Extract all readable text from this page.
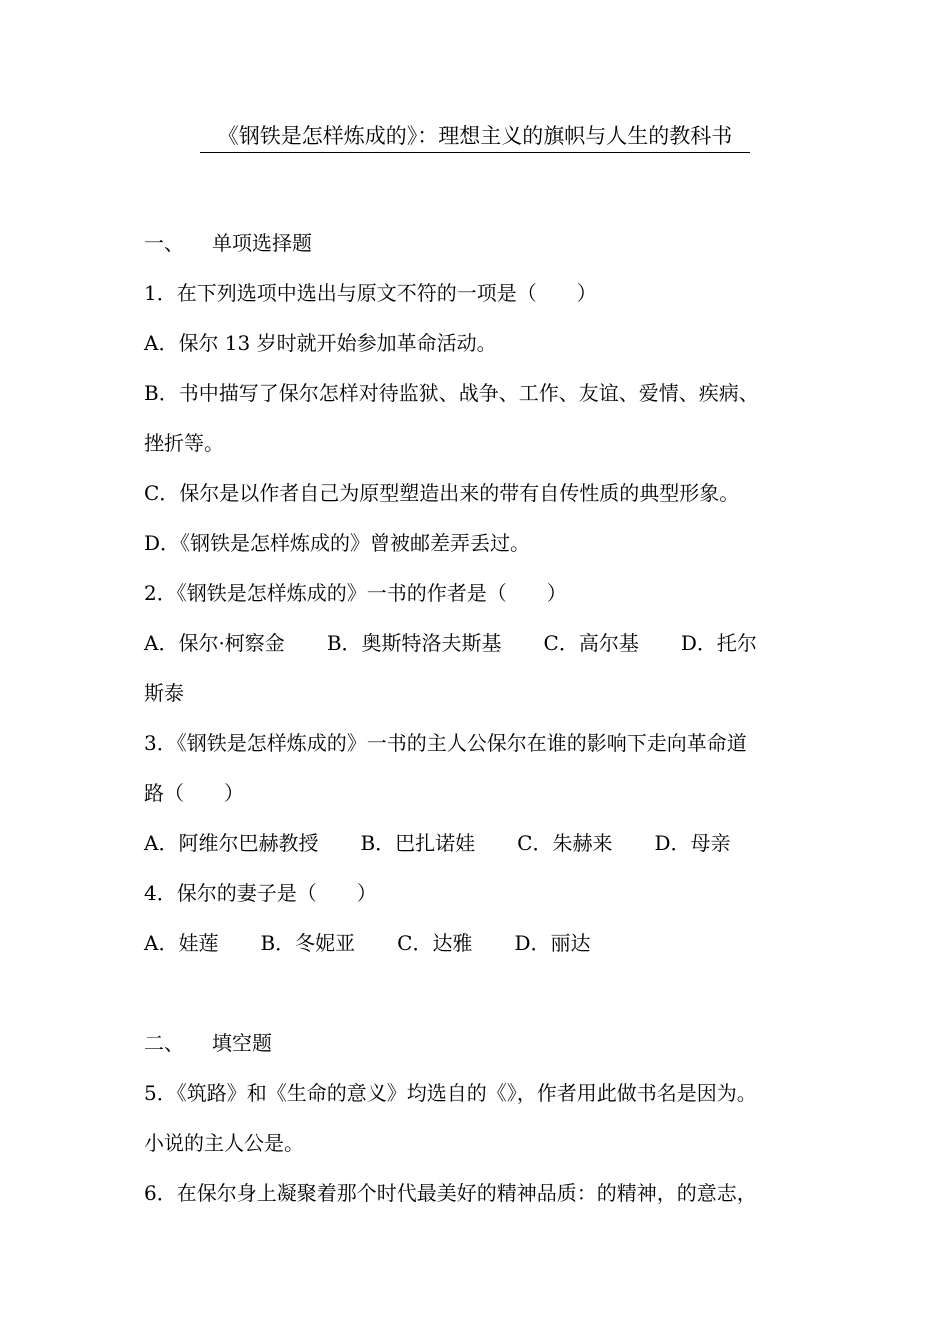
《钢铁是怎样炼成的》：理想主义的旗帜与人生的教科书
一、 单项选择题
1．在下列选项中选出与原文不符的一项是（　　）
A．保尔 13 岁时就开始参加革命活动。
B．书中描写了保尔怎样对待监狱、战争、工作、友谊、爱情、疾病、
挫折等。
C．保尔是以作者自己为原型塑造出来的带有自传性质的典型形象。
D．《钢铁是怎样炼成的》曾被邮差弄丢过。
2．《钢铁是怎样炼成的》一书的作者是（　　）
A．保尔·柯察金 B．奥斯特洛夫斯基 C．高尔基 D．托尔
斯泰
3．《钢铁是怎样炼成的》一书的主人公保尔在谁的影响下走向革命道
路（　　）
A．阿维尔巴赫教授 B．巴扎诺娃 C．朱赫来 D．母亲
4．保尔的妻子是（　　）
A．娃莲 B．冬妮亚 C．达雅 D．丽达
二、 填空题
5．《筑路》和《生命的意义》均选自的《》，作者用此做书名是因为。
小说的主人公是。
6．在保尔身上凝聚着那个时代最美好的精神品质：的精神，的意志，
